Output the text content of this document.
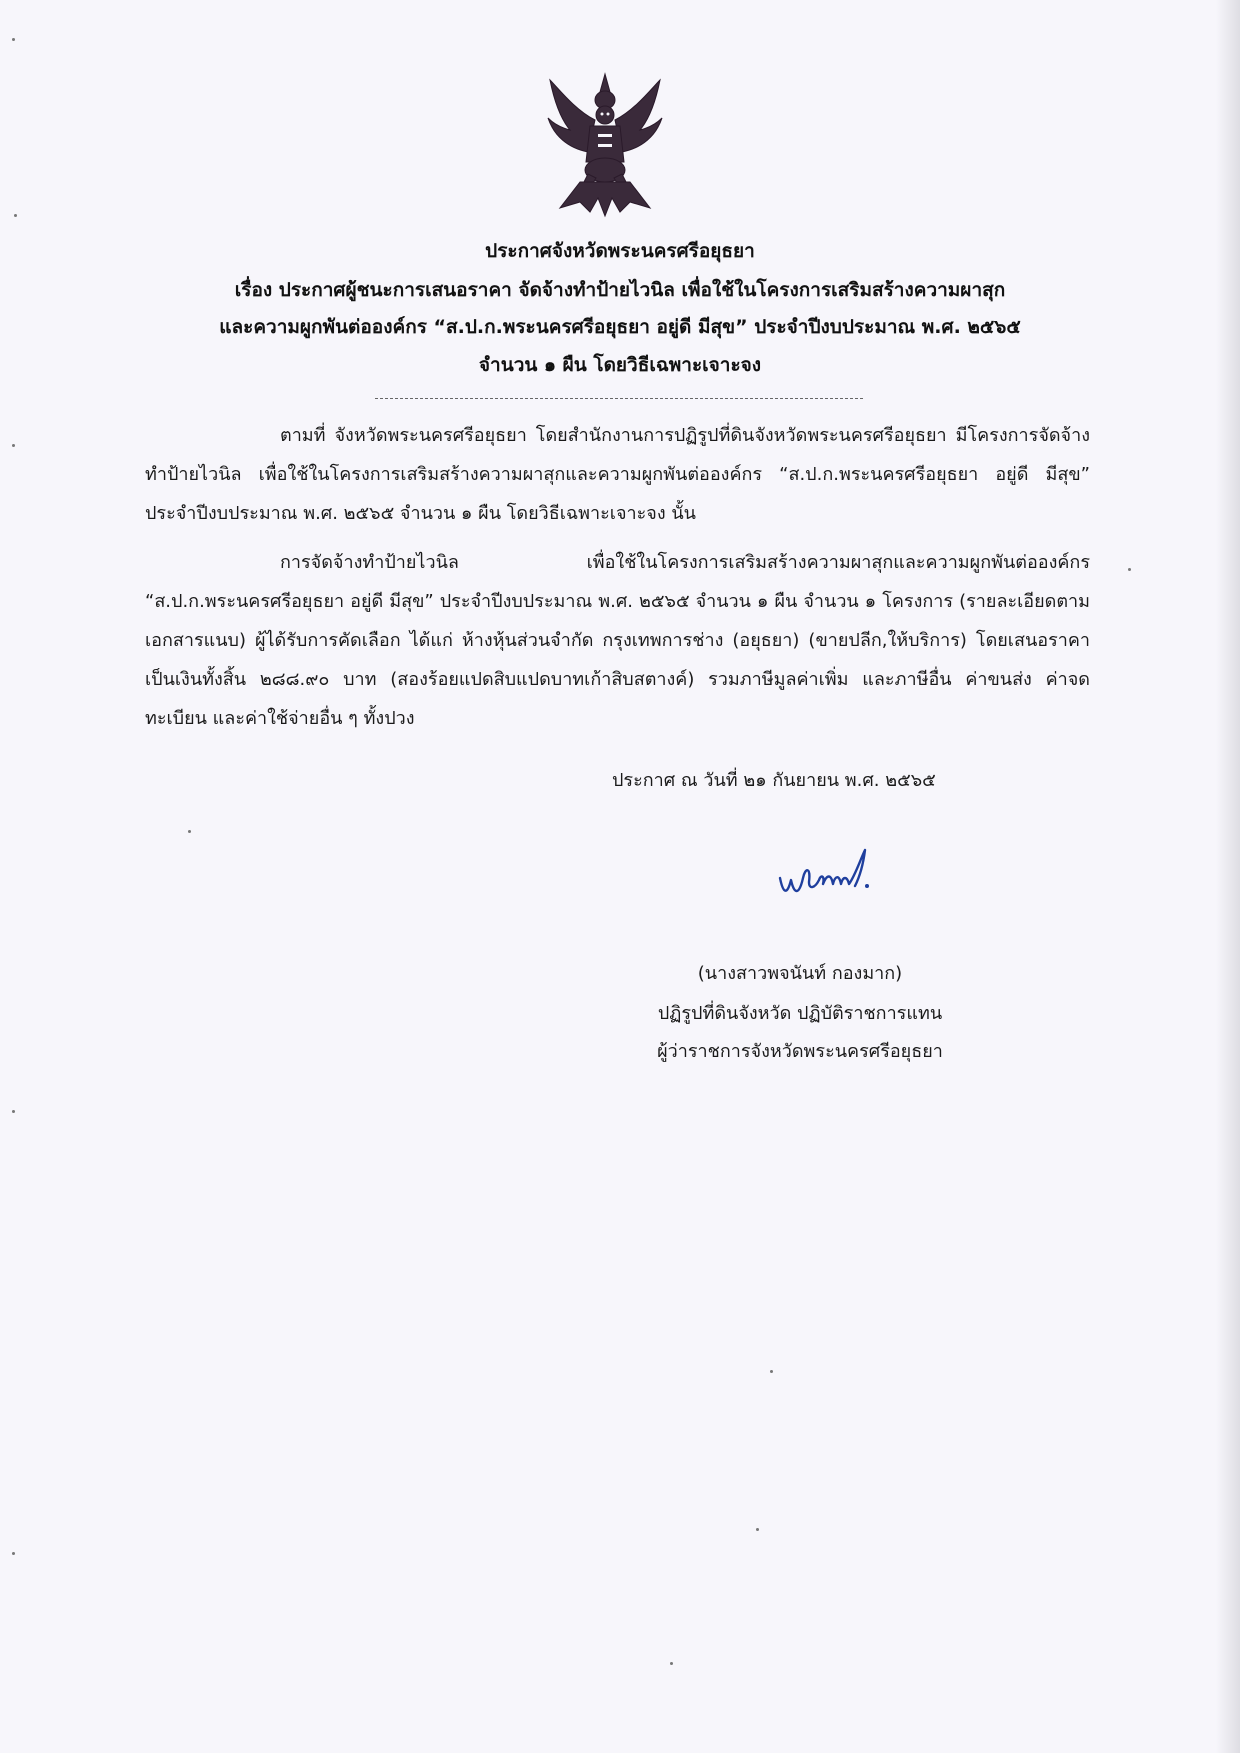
ประกาศจังหวัดพระนครศรีอยุธยา
เรื่อง ประกาศผู้ชนะการเสนอราคา จัดจ้างทำป้ายไวนิล เพื่อใช้ในโครงการเสริมสร้างความผาสุก
และความผูกพันต่อองค์กร “ส.ป.ก.พระนครศรีอยุธยา อยู่ดี มีสุข” ประจำปีงบประมาณ พ.ศ. ๒๕๖๕
จำนวน ๑ ผืน โดยวิธีเฉพาะเจาะจง
ตามที่ จังหวัดพระนครศรีอยุธยา โดยสำนักงานการปฏิรูปที่ดินจังหวัดพระนครศรีอยุธยา มีโครงการจัดจ้างทำป้ายไวนิล เพื่อใช้ในโครงการเสริมสร้างความผาสุกและความผูกพันต่อองค์กร “ส.ป.ก.พระนครศรีอยุธยา อยู่ดี มีสุข” ประจำปีงบประมาณ พ.ศ. ๒๕๖๕ จำนวน ๑ ผืน โดยวิธีเฉพาะเจาะจง นั้น
การจัดจ้างทำป้ายไวนิล เพื่อใช้ในโครงการเสริมสร้างความผาสุกและความผูกพันต่อองค์กร “ส.ป.ก.พระนครศรีอยุธยา อยู่ดี มีสุข” ประจำปีงบประมาณ พ.ศ. ๒๕๖๕ จำนวน ๑ ผืน จำนวน ๑ โครงการ (รายละเอียดตามเอกสารแนบ) ผู้ได้รับการคัดเลือก ได้แก่ ห้างหุ้นส่วนจำกัด กรุงเทพการช่าง (อยุธยา) (ขายปลีก,ให้บริการ) โดยเสนอราคา เป็นเงินทั้งสิ้น ๒๘๘.๙๐ บาท (สองร้อยแปดสิบแปดบาทเก้าสิบสตางค์) รวมภาษีมูลค่าเพิ่ม และภาษีอื่น ค่าขนส่ง ค่าจดทะเบียน และค่าใช้จ่ายอื่น ๆ ทั้งปวง
ประกาศ ณ วันที่ ๒๑ กันยายน พ.ศ. ๒๕๖๕
(นางสาวพจนันท์ กองมาก)
ปฏิรูปที่ดินจังหวัด ปฏิบัติราชการแทน
ผู้ว่าราชการจังหวัดพระนครศรีอยุธยา
